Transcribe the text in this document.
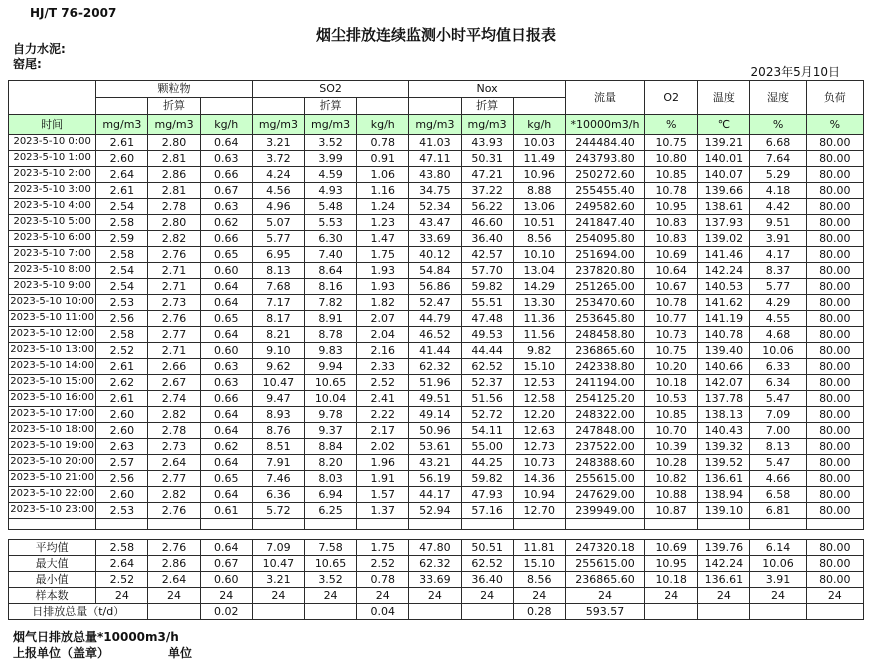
HJ/T 76-2007
烟尘排放连续监测小时平均值日报表
自力水泥:
窑尾:
2023年5月10日
	颗粒物			SO2			Nox			流量	O2	温度	湿度	负荷
		折算			折算			折算						
时间	mg/m3	mg/m3	kg/h	mg/m3	mg/m3	kg/h	mg/m3	mg/m3	kg/h	*10000m3/h	%	℃	%	%
2023-5-10 0:00	2.61	2.80	0.64	3.21	3.52	0.78	41.03	43.93	10.03	244484.40	10.75	139.21	6.68	80.00
2023-5-10 1:00	2.60	2.81	0.63	3.72	3.99	0.91	47.11	50.31	11.49	243793.80	10.80	140.01	7.64	80.00
2023-5-10 2:00	2.64	2.86	0.66	4.24	4.59	1.06	43.80	47.21	10.96	250272.60	10.85	140.07	5.29	80.00
2023-5-10 3:00	2.61	2.81	0.67	4.56	4.93	1.16	34.75	37.22	8.88	255455.40	10.78	139.66	4.18	80.00
2023-5-10 4:00	2.54	2.78	0.63	4.96	5.48	1.24	52.34	56.22	13.06	249582.60	10.95	138.61	4.42	80.00
2023-5-10 5:00	2.58	2.80	0.62	5.07	5.53	1.23	43.47	46.60	10.51	241847.40	10.83	137.93	9.51	80.00
2023-5-10 6:00	2.59	2.82	0.66	5.77	6.30	1.47	33.69	36.40	8.56	254095.80	10.83	139.02	3.91	80.00
2023-5-10 7:00	2.58	2.76	0.65	6.95	7.40	1.75	40.12	42.57	10.10	251694.00	10.69	141.46	4.17	80.00
2023-5-10 8:00	2.54	2.71	0.60	8.13	8.64	1.93	54.84	57.70	13.04	237820.80	10.64	142.24	8.37	80.00
2023-5-10 9:00	2.54	2.71	0.64	7.68	8.16	1.93	56.86	59.82	14.29	251265.00	10.67	140.53	5.77	80.00
2023-5-10 10:00	2.53	2.73	0.64	7.17	7.82	1.82	52.47	55.51	13.30	253470.60	10.78	141.62	4.29	80.00
2023-5-10 11:00	2.56	2.76	0.65	8.17	8.91	2.07	44.79	47.48	11.36	253645.80	10.77	141.19	4.55	80.00
2023-5-10 12:00	2.58	2.77	0.64	8.21	8.78	2.04	46.52	49.53	11.56	248458.80	10.73	140.78	4.68	80.00
2023-5-10 13:00	2.52	2.71	0.60	9.10	9.83	2.16	41.44	44.44	9.82	236865.60	10.75	139.40	10.06	80.00
2023-5-10 14:00	2.61	2.66	0.63	9.62	9.94	2.33	62.32	62.52	15.10	242338.80	10.20	140.66	6.33	80.00
2023-5-10 15:00	2.62	2.67	0.63	10.47	10.65	2.52	51.96	52.37	12.53	241194.00	10.18	142.07	6.34	80.00
2023-5-10 16:00	2.61	2.74	0.66	9.47	10.04	2.41	49.51	51.56	12.58	254125.20	10.53	137.78	5.47	80.00
2023-5-10 17:00	2.60	2.82	0.64	8.93	9.78	2.22	49.14	52.72	12.20	248322.00	10.85	138.13	7.09	80.00
2023-5-10 18:00	2.60	2.78	0.64	8.76	9.37	2.17	50.96	54.11	12.63	247848.00	10.70	140.43	7.00	80.00
2023-5-10 19:00	2.63	2.73	0.62	8.51	8.84	2.02	53.61	55.00	12.73	237522.00	10.39	139.32	8.13	80.00
2023-5-10 20:00	2.57	2.64	0.64	7.91	8.20	1.96	43.21	44.25	10.73	248388.60	10.28	139.52	5.47	80.00
2023-5-10 21:00	2.56	2.77	0.65	7.46	8.03	1.91	56.19	59.82	14.36	255615.00	10.82	136.61	4.66	80.00
2023-5-10 22:00	2.60	2.82	0.64	6.36	6.94	1.57	44.17	47.93	10.94	247629.00	10.88	138.94	6.58	80.00
2023-5-10 23:00	2.53	2.76	0.61	5.72	6.25	1.37	52.94	57.16	12.70	239949.00	10.87	139.10	6.81	80.00

平均值	2.58	2.76	0.64	7.09	7.58	1.75	47.80	50.51	11.81	247320.18	10.69	139.76	6.14	80.00
最大值	2.64	2.86	0.67	10.47	10.65	2.52	62.32	62.52	15.10	255615.00	10.95	142.24	10.06	80.00
最小值	2.52	2.64	0.60	3.21	3.52	0.78	33.69	36.40	8.56	236865.60	10.18	136.61	3.91	80.00
样本数	24	24	24	24	24	24	24	24	24	24	24	24	24	24
日排放总量（t/d）			0.02			0.04			0.28	593.57				
烟气日排放总量*10000m3/h
上报单位（盖章）	单位
